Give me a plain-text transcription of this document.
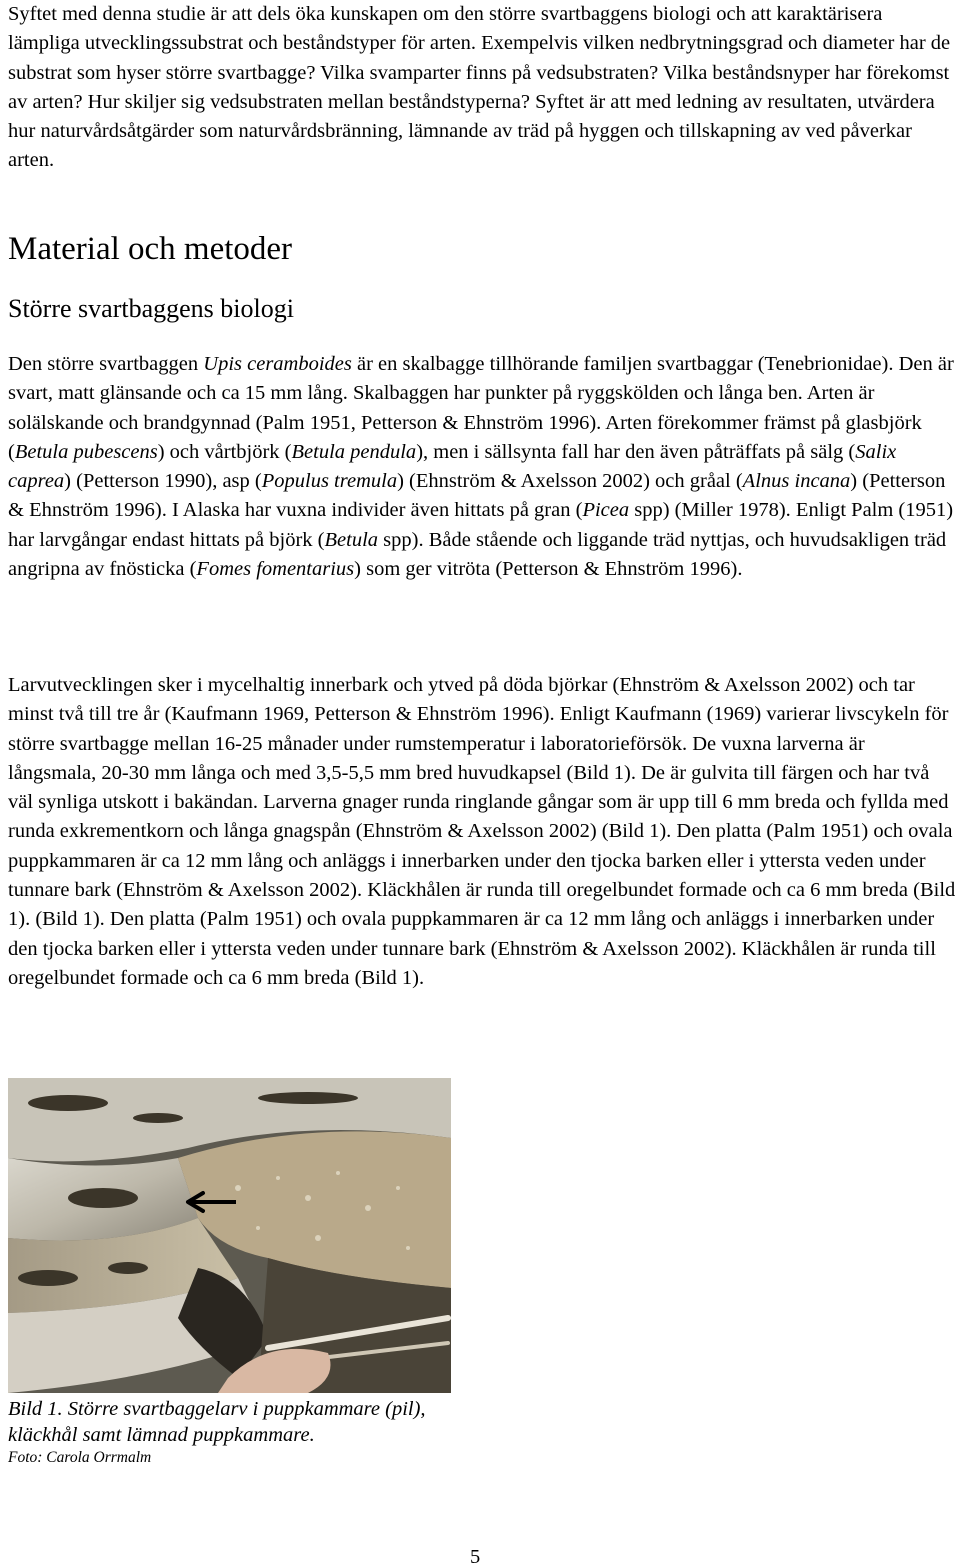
Syftet med denna studie är att dels öka kunskapen om den större svartbaggens biologi och att karaktärisera lämpliga utvecklingssubstrat och beståndstyper för arten. Exempelvis vilken nedbrytningsgrad och diameter har de substrat som hyser större svartbagge? Vilka svamparter finns på vedsubstraten? Vilka beståndsnyper har förekomst av arten? Hur skiljer sig vedsubstraten mellan beståndstyperna? Syftet är att med ledning av resultaten, utvärdera hur naturvårdsåtgärder som naturvårdsbränning, lämnande av träd på hyggen och tillskapning av ved påverkar arten.

Material och metoder
Större svartbaggens biologi

Den större svartbaggen Upis ceramboides är en skalbagge tillhörande familjen svartbaggar (Tenebrionidae). Den är svart, matt glänsande och ca 15 mm lång. Skalbaggen har punkter på ryggskölden och långa ben. Arten är solälskande och brandgynnad (Palm 1951, Petterson & Ehnström 1996). Arten förekommer främst på glasbjörk (Betula pubescens) och vårtbjörk (Betula pendula), men i sällsynta fall har den även påträffats på sälg (Salix caprea) (Petterson 1990), asp (Populus tremula) (Ehnström & Axelsson 2002) och gråal (Alnus incana) (Petterson & Ehnström 1996). I Alaska har vuxna individer även hittats på gran (Picea spp) (Miller 1978). Enligt Palm (1951) har larvgångar endast hittats på björk (Betula spp). Både stående och liggande träd nyttjas, och huvudsakligen träd angripna av fnösticka (Fomes fomentarius) som ger vitröta (Petterson & Ehnström 1996).

Larvutvecklingen sker i mycelhaltig innerbark och ytved på döda björkar (Ehnström & Axelsson 2002) och tar minst två till tre år (Kaufmann 1969, Petterson & Ehnström 1996). Enligt Kaufmann (1969) varierar livscykeln för större svartbagge mellan 16-25 månader under rumstemperatur i laboratorieförsök. De vuxna larverna är långsmala, 20-30 mm långa och med 3,5-5,5 mm bred huvudkapsel (Bild 1). De är gulvita till färgen och har två väl synliga utskott i bakändan. Larverna gnager runda ringlande gångar som är upp till 6 mm breda och fyllda med runda exkrementkorn och långa gnagspån (Ehnström & Axelsson 2002) (Bild 1). Den platta (Palm 1951) och ovala puppkammaren är ca 12 mm lång och anläggs i innerbarken under den tjocka barken eller i yttersta veden under tunnare bark (Ehnström & Axelsson 2002). Kläckhålen är runda till oregelbundet formade och ca 6 mm breda (Bild 1). (Bild 1). Den platta (Palm 1951) och ovala puppkammaren är ca 12 mm lång och anläggs i innerbarken under den tjocka barken eller i yttersta veden under tunnare bark (Ehnström & Axelsson 2002). Kläckhålen är runda till oregelbundet formade och ca 6 mm breda (Bild 1).

Bild 1. Större svartbaggelarv i puppkammare (pil), kläckhål samt lämnad puppkammare.

Foto: Carola Orrmalm

5
